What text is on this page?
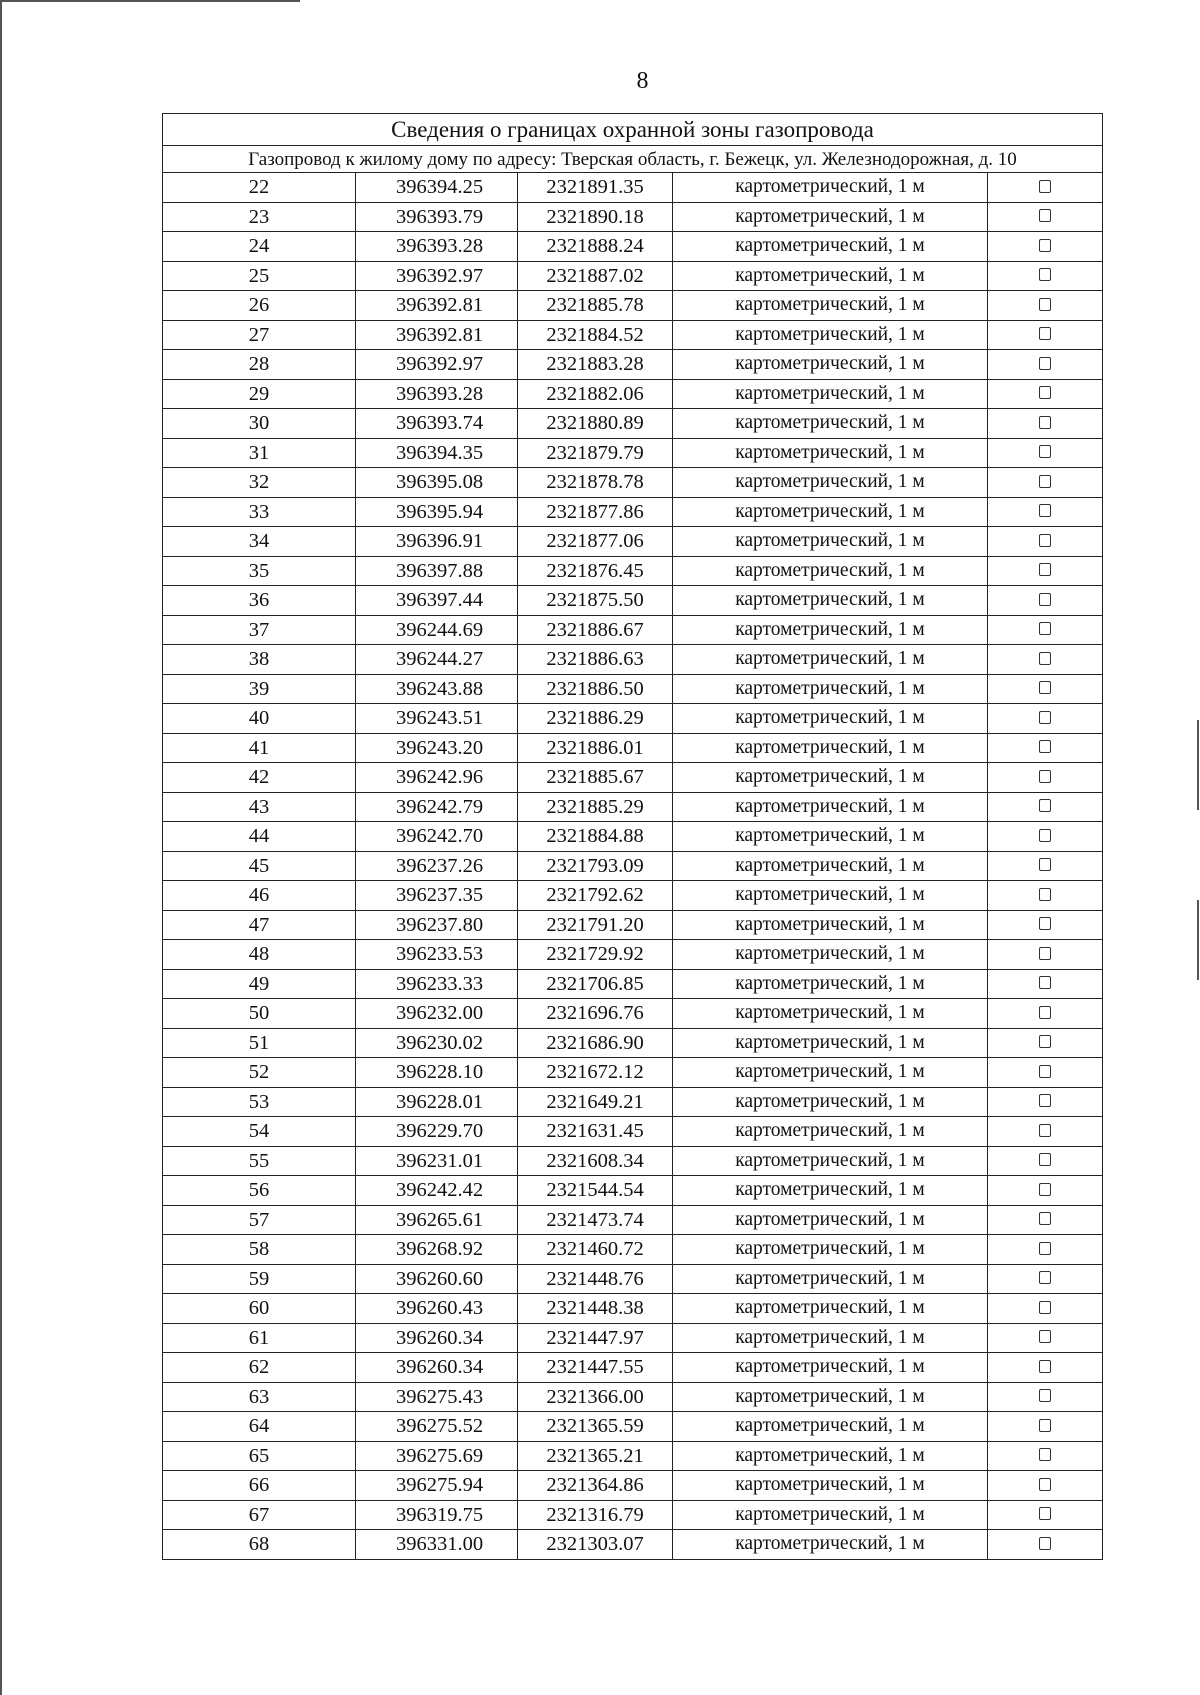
8
Сведения о границах охранной зоны газопровода				
Газопровод к жилому дому по адресу: Тверская область, г. Бежецк, ул. Железнодорожная, д. 10				
22	396394.25	2321891.35	картометрический, 1 м	
23	396393.79	2321890.18	картометрический, 1 м	
24	396393.28	2321888.24	картометрический, 1 м	
25	396392.97	2321887.02	картометрический, 1 м	
26	396392.81	2321885.78	картометрический, 1 м	
27	396392.81	2321884.52	картометрический, 1 м	
28	396392.97	2321883.28	картометрический, 1 м	
29	396393.28	2321882.06	картометрический, 1 м	
30	396393.74	2321880.89	картометрический, 1 м	
31	396394.35	2321879.79	картометрический, 1 м	
32	396395.08	2321878.78	картометрический, 1 м	
33	396395.94	2321877.86	картометрический, 1 м	
34	396396.91	2321877.06	картометрический, 1 м	
35	396397.88	2321876.45	картометрический, 1 м	
36	396397.44	2321875.50	картометрический, 1 м	
37	396244.69	2321886.67	картометрический, 1 м	
38	396244.27	2321886.63	картометрический, 1 м	
39	396243.88	2321886.50	картометрический, 1 м	
40	396243.51	2321886.29	картометрический, 1 м	
41	396243.20	2321886.01	картометрический, 1 м	
42	396242.96	2321885.67	картометрический, 1 м	
43	396242.79	2321885.29	картометрический, 1 м	
44	396242.70	2321884.88	картометрический, 1 м	
45	396237.26	2321793.09	картометрический, 1 м	
46	396237.35	2321792.62	картометрический, 1 м	
47	396237.80	2321791.20	картометрический, 1 м	
48	396233.53	2321729.92	картометрический, 1 м	
49	396233.33	2321706.85	картометрический, 1 м	
50	396232.00	2321696.76	картометрический, 1 м	
51	396230.02	2321686.90	картометрический, 1 м	
52	396228.10	2321672.12	картометрический, 1 м	
53	396228.01	2321649.21	картометрический, 1 м	
54	396229.70	2321631.45	картометрический, 1 м	
55	396231.01	2321608.34	картометрический, 1 м	
56	396242.42	2321544.54	картометрический, 1 м	
57	396265.61	2321473.74	картометрический, 1 м	
58	396268.92	2321460.72	картометрический, 1 м	
59	396260.60	2321448.76	картометрический, 1 м	
60	396260.43	2321448.38	картометрический, 1 м	
61	396260.34	2321447.97	картометрический, 1 м	
62	396260.34	2321447.55	картометрический, 1 м	
63	396275.43	2321366.00	картометрический, 1 м	
64	396275.52	2321365.59	картометрический, 1 м	
65	396275.69	2321365.21	картометрический, 1 м	
66	396275.94	2321364.86	картометрический, 1 м	
67	396319.75	2321316.79	картометрический, 1 м	
68	396331.00	2321303.07	картометрический, 1 м	
